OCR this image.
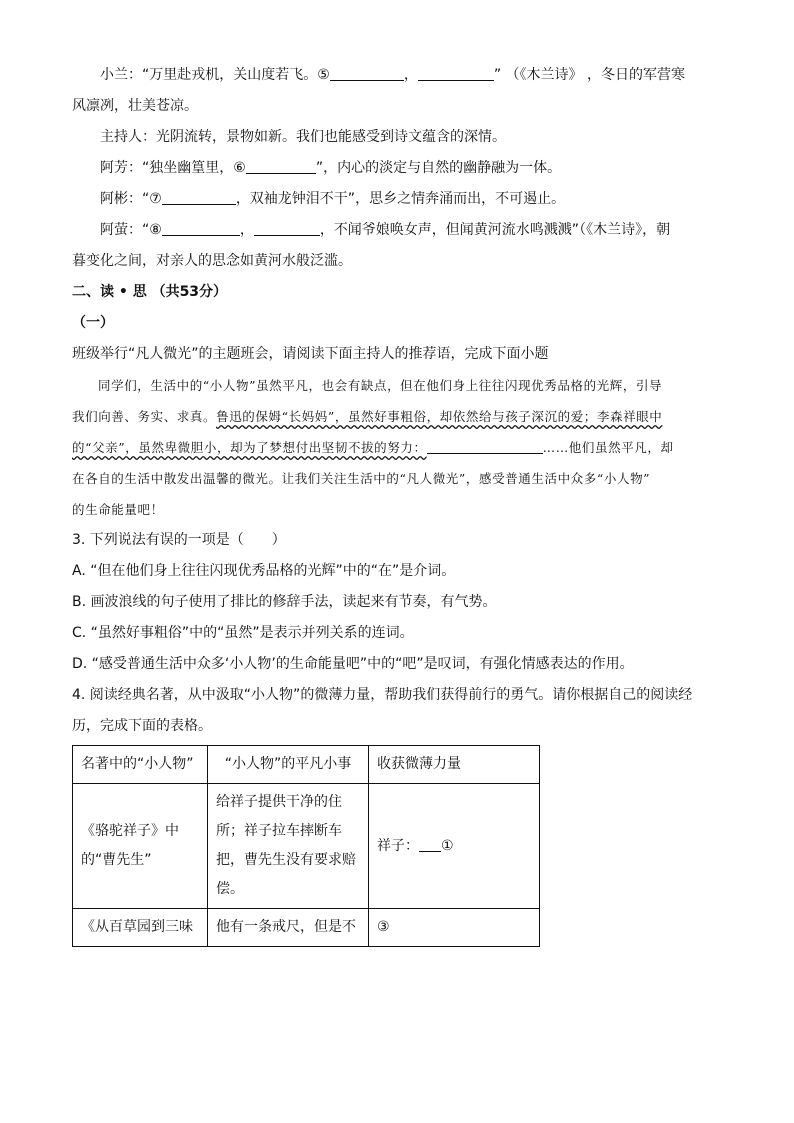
小兰：“万里赴戎机，关山度若飞。⑤	，	” （《木兰诗》 ，冬日的军营寒
风凛冽，壮美苍凉。
主持人：光阴流转，景物如新。我们也能感受到诗文蕴含的深情。
阿芳：“独坐幽篁里，⑥	”，内心的淡定与自然的幽静融为一体。
阿彬：“⑦	，双袖龙钟泪不干”，思乡之情奔涌而出，不可遏止。
阿萤：“⑧	，	，不闻爷娘唤女声，但闻黄河流水鸣溅溅”（《木兰诗》，朝
暮变化之间，对亲人的思念如黄河水般泛滥。
二、读 • 思 （共53分）
（一）
班级举行“凡人微光”的主题班会，请阅读下面主持人的推荐语，完成下面小题
同学们，生活中的“小人物”虽然平凡，也会有缺点，但在他们身上往往闪现优秀品格的光辉，引导
我们向善、务实、求真。鲁迅的保姆“长妈妈”，虽然好事粗俗，却依然给与孩子深沉的爱；李森祥眼中
的“父亲”，虽然卑微胆小，却为了梦想付出坚韧不拔的努力：	……他们虽然平凡，却
在各自的生活中散发出温馨的微光。让我们关注生活中的“凡人微光”，感受普通生活中众多“小人物”
的生命能量吧！
3. 下列说法有误的一项是（　　）
A. “但在他们身上往往闪现优秀品格的光辉”中的“在”是介词。
B. 画波浪线的句子使用了排比的修辞手法，读起来有节奏，有气势。
C. “虽然好事粗俗”中的“虽然”是表示并列关系的连词。
D. “感受普通生活中众多‘小人物’的生命能量吧”中的“吧”是叹词，有强化情感表达的作用。
4. 阅读经典名著，从中汲取“小人物”的微薄力量，帮助我们获得前行的勇气。请你根据自己的阅读经
历，完成下面的表格。
名著中的“小人物”	“小人物”的平凡小事	收获微薄力量
《骆驼祥子》中的“曹先生”	给祥子提供干净的住所；祥子拉车摔断车把，曹先生没有要求赔偿。	祥子： ①
《从百草园到三味	他有一条戒尺，但是不	③
